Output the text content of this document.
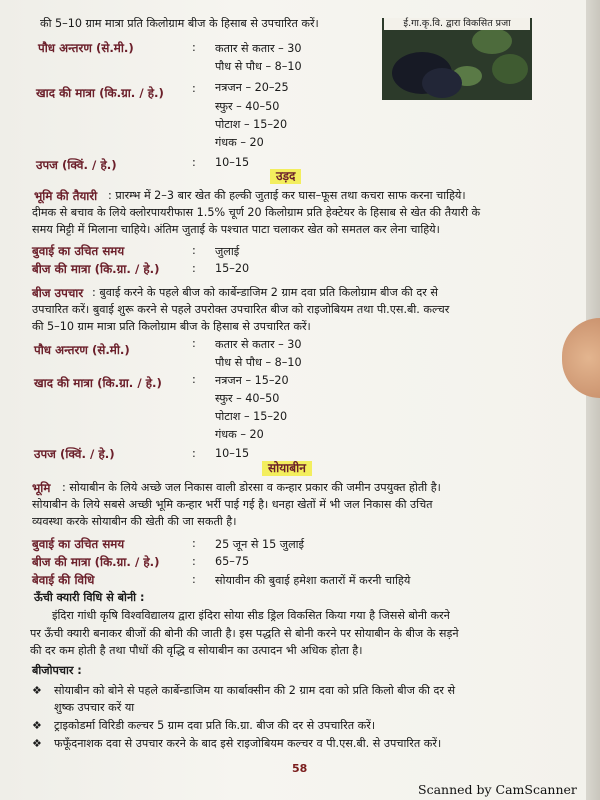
ई.गा.कृ.वि. द्वारा विकसित प्रजा
की 5–10 ग्राम मात्रा प्रति किलोग्राम बीज के हिसाब से उपचारित करें।
पौध अन्तरण (से.मी.)	: कतार से कतार – 30
पौध से पौध – 8–10
खाद की मात्रा (कि.ग्रा. / हे.)	: नत्रजन – 20–25
स्फुर – 40–50
पोटाश – 15–20
गंधक – 20
उपज (क्विं. / हे.)	: 10–15
उड़द
भूमि की तैयारी : प्रारम्भ में 2–3 बार खेत की हल्की जुताई कर घास–फूस तथा कचरा साफ करना चाहिये।
दीमक से बचाव के लिये क्लोरपायरीफास 1.5% चूर्ण 20 किलोग्राम प्रति हेक्टेयर के हिसाब से खेत की तैयारी के
समय मिट्टी में मिलाना चाहिये। अंतिम जुताई के पश्चात पाटा चलाकर खेत को समतल कर लेना चाहिये।
बुवाई का उचित समय	: जुलाई
बीज की मात्रा (कि.ग्रा. / हे.)	: 15–20
बीज उपचार : बुवाई करने के पहले बीज को कार्बेन्डाजिम 2 ग्राम दवा प्रति किलोग्राम बीज की दर से
उपचारित करें। बुवाई शुरू करने से पहले उपरोक्त उपचारित बीज को राइजोबियम तथा पी.एस.बी. कल्चर
की 5–10 ग्राम मात्रा प्रति किलोग्राम बीज के हिसाब से उपचारित करें।
पौध अन्तरण (से.मी.)	: कतार से कतार – 30
पौध से पौध – 8–10
खाद की मात्रा (कि.ग्रा. / हे.)	: नत्रजन – 15–20
स्फुर – 40–50
पोटाश – 15–20
गंधक – 20
उपज (क्विं. / हे.)	: 10–15
सोयाबीन
भूमि : सोयाबीन के लिये अच्छे जल निकास वाली डोरसा व कन्हार प्रकार की जमीन उपयुक्त होती है।
सोयाबीन के लिये सबसे अच्छी भूमि कन्हार भर्री पाई गई है। धनहा खेतों में भी जल निकास की उचित
व्यवस्था करके सोयाबीन की खेती की जा सकती है।
बुवाई का उचित समय	: 25 जून से 15 जुलाई
बीज की मात्रा (कि.ग्रा. / हे.)	: 65–75
बेवाई की विधि	: सोयावीन की बुवाई हमेशा कतारों में करनी चाहिये
ऊँची क्यारी विधि से बोनी :
इंदिरा गांधी कृषि विश्वविद्यालय द्वारा इंदिरा सोया सीड ड्रिल विकसित किया गया है जिससे बोनी करने
पर ऊँची क्यारी बनाकर बीजों की बोनी की जाती है। इस पद्धति से बोनी करने पर सोयाबीन के बीज के सड़ने
की दर कम होती है तथा पौधों की वृद्धि व सोयाबीन का उत्पादन भी अधिक होता है।
बीजोपचार :
❖ सोयाबीन को बोने से पहले कार्बेन्डाजिम या कार्बाक्सीन की 2 ग्राम दवा को प्रति किलो बीज की दर से
शुष्क उपचार करें या
❖ ट्राइकोडर्मा विरिडी कल्चर 5 ग्राम दवा प्रति कि.ग्रा. बीज की दर से उपचारित करें।
❖ फफूँदनाशक दवा से उपचार करने के बाद इसे राइजोबियम कल्चर व पी.एस.बी. से उपचारित करें।
58
Scanned by CamScanner
